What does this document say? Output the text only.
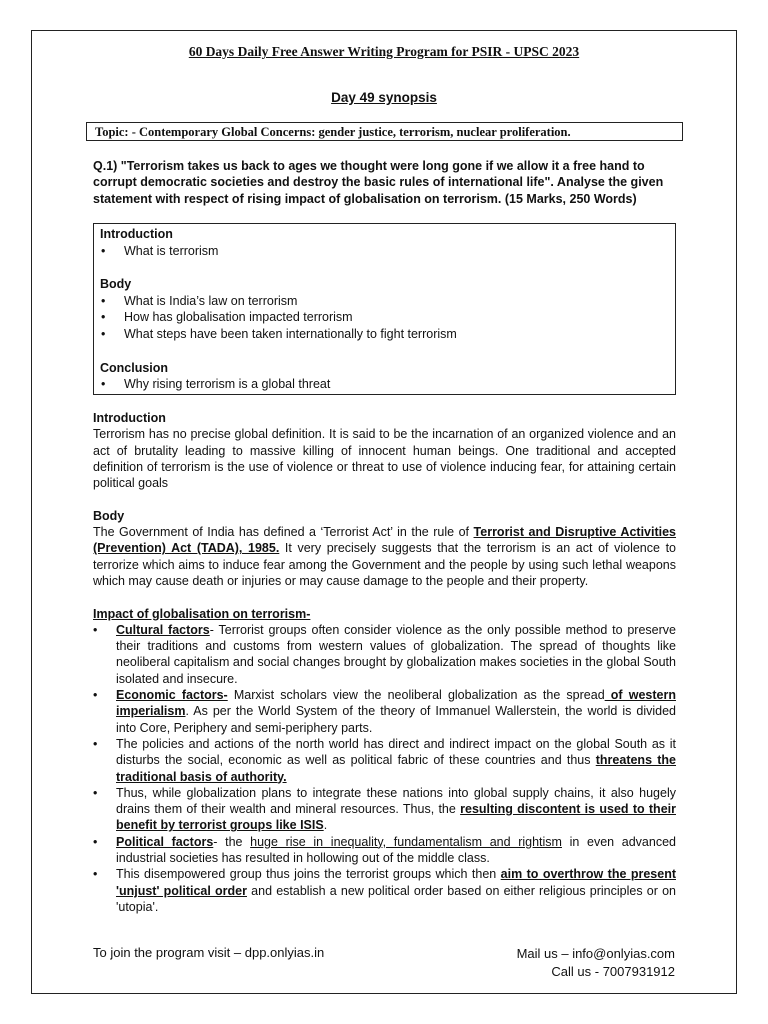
60 Days Daily Free Answer Writing Program for PSIR - UPSC 2023
Day 49 synopsis
Topic: - Contemporary Global Concerns: gender justice, terrorism, nuclear proliferation.
Q.1) "Terrorism takes us back to ages we thought were long gone if we allow it a free hand to corrupt democratic societies and destroy the basic rules of international life". Analyse the given statement with respect of rising impact of globalisation on terrorism. (15 Marks, 250 Words)
Introduction
• What is terrorism
Body
• What is India’s law on terrorism
• How has globalisation impacted terrorism
• What steps have been taken internationally to fight terrorism
Conclusion
• Why rising terrorism is a global threat
Introduction

Terrorism has no precise global definition. It is said to be the incarnation of an organized violence and an act of brutality leading to massive killing of innocent human beings. One traditional and accepted definition of terrorism is the use of violence or threat to use of violence inducing fear, for attaining certain political goals

Body

The Government of India has defined a ‘Terrorist Act’ in the rule of Terrorist and Disruptive Activities (Prevention) Act (TADA), 1985. It very precisely suggests that the terrorism is an act of violence to terrorize which aims to induce fear among the Government and the people by using such lethal weapons which may cause death or injuries or may cause damage to the people and their property.

Impact of globalisation on terrorism-
• Cultural factors- Terrorist groups often consider violence as the only possible method to preserve their traditions and customs from western values of globalization. The spread of thoughts like neoliberal capitalism and social changes brought by globalization makes societies in the global South isolated and insecure.
• Economic factors- Marxist scholars view the neoliberal globalization as the spread of western imperialism. As per the World System of the theory of Immanuel Wallerstein, the world is divided into Core, Periphery and semi-periphery parts.
• The policies and actions of the north world has direct and indirect impact on the global South as it disturbs the social, economic as well as political fabric of these countries and thus threatens the traditional basis of authority.
• Thus, while globalization plans to integrate these nations into global supply chains, it also hugely drains them of their wealth and mineral resources. Thus, the resulting discontent is used to their benefit by terrorist groups like ISIS.
• Political factors- the huge rise in inequality, fundamentalism and rightism in even advanced industrial societies has resulted in hollowing out of the middle class.
• This disempowered group thus joins the terrorist groups which then aim to overthrow the present 'unjust' political order and establish a new political order based on either religious principles or on 'utopia'.
To join the program visit – dpp.onlyias.in	Mail us – info@onlyias.com
Call us - 7007931912
